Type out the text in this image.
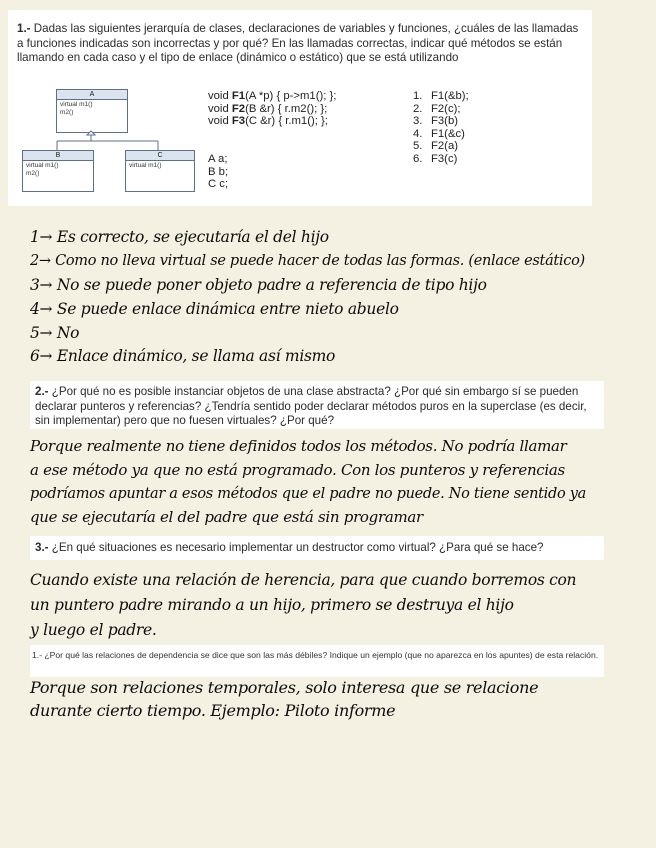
1.- Dadas las siguientes jerarquía de clases, declaraciones de variables y funciones, ¿cuáles de las llamadas a funciones indicadas son incorrectas y por qué? En las llamadas correctas, indicar qué métodos se están llamando en cada caso y el tipo de enlace (dinámico o estático) que se está utilizando
A
virtual m1()
m2()
B
virtual m1()
m2()
C
virtual m1()
void F1(A *p) { p->m1(); };
void F2(B &r) { r.m2(); };
void F3(C &r) { r.m1(); };
A a;
B b;
C c;
1. F1(&b);
2. F2(c);
3. F3(b)
4. F1(&c)
5. F2(a)
6. F3(c)
1→ Es correcto, se ejecutaría el del hijo
2→ Como no lleva virtual se puede hacer de todas las formas. (enlace estático)
3→ No se puede poner objeto padre a referencia de tipo hijo
4→ Se puede enlace dinámica entre nieto abuelo
5→ No
6→ Enlace dinámico, se llama así mismo
2.- ¿Por qué no es posible instanciar objetos de una clase abstracta? ¿Por qué sin embargo sí se pueden declarar punteros y referencias? ¿Tendría sentido poder declarar métodos puros en la superclase (es decir, sin implementar) pero que no fuesen virtuales? ¿Por qué?
Porque realmente no tiene definidos todos los métodos. No podría llamar
a ese método ya que no está programado. Con los punteros y referencias
podríamos apuntar a esos métodos que el padre no puede. No tiene sentido ya
que se ejecutaría el del padre que está sin programar
3.- ¿En qué situaciones es necesario implementar un destructor como virtual? ¿Para qué se hace?
Cuando existe una relación de herencia, para que cuando borremos con
un puntero padre mirando a un hijo, primero se destruya el hijo
y luego el padre.
1.- ¿Por qué las relaciones de dependencia se dice que son las más débiles? Indique un ejemplo (que no aparezca en los apuntes) de esta relación.
Porque son relaciones temporales, solo interesa que se relacione
durante cierto tiempo. Ejemplo: Piloto informe
